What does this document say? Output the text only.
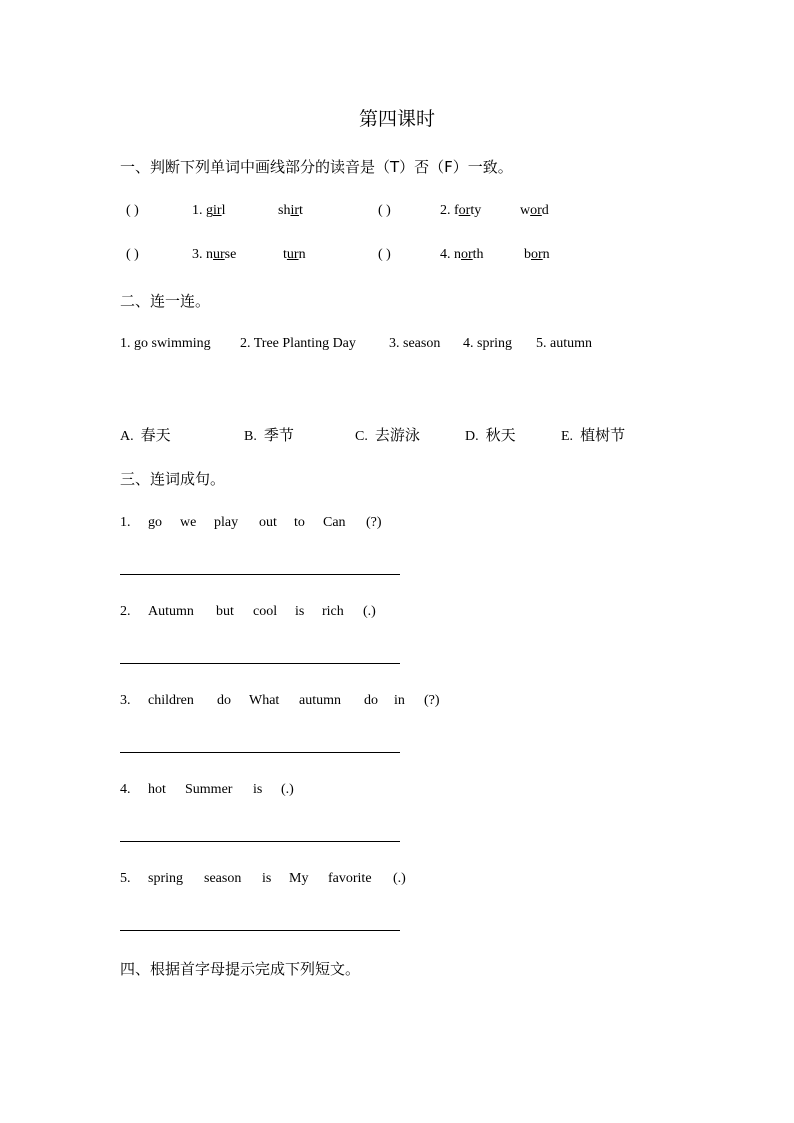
第四课时
一、判断下列单词中画线部分的读音是（T）否（F）一致。
( )	1. girl	shirt	( )	2. forty	word
( )	3. nurse	turn	( )	4. north	born
二、连一连。
1. go swimming 2. Tree Planting Day 3. season 4. spring 5. autumn
A. 春天	B. 季节	C. 去游泳	D. 秋天	E. 植树节
三、连词成句。
1. go we play out to Can (?)
2. Autumn but cool is rich (.)
3. children do What autumn do in (?)
4. hot Summer is (.)
5. spring season is My favorite (.)
四、根据首字母提示完成下列短文。
